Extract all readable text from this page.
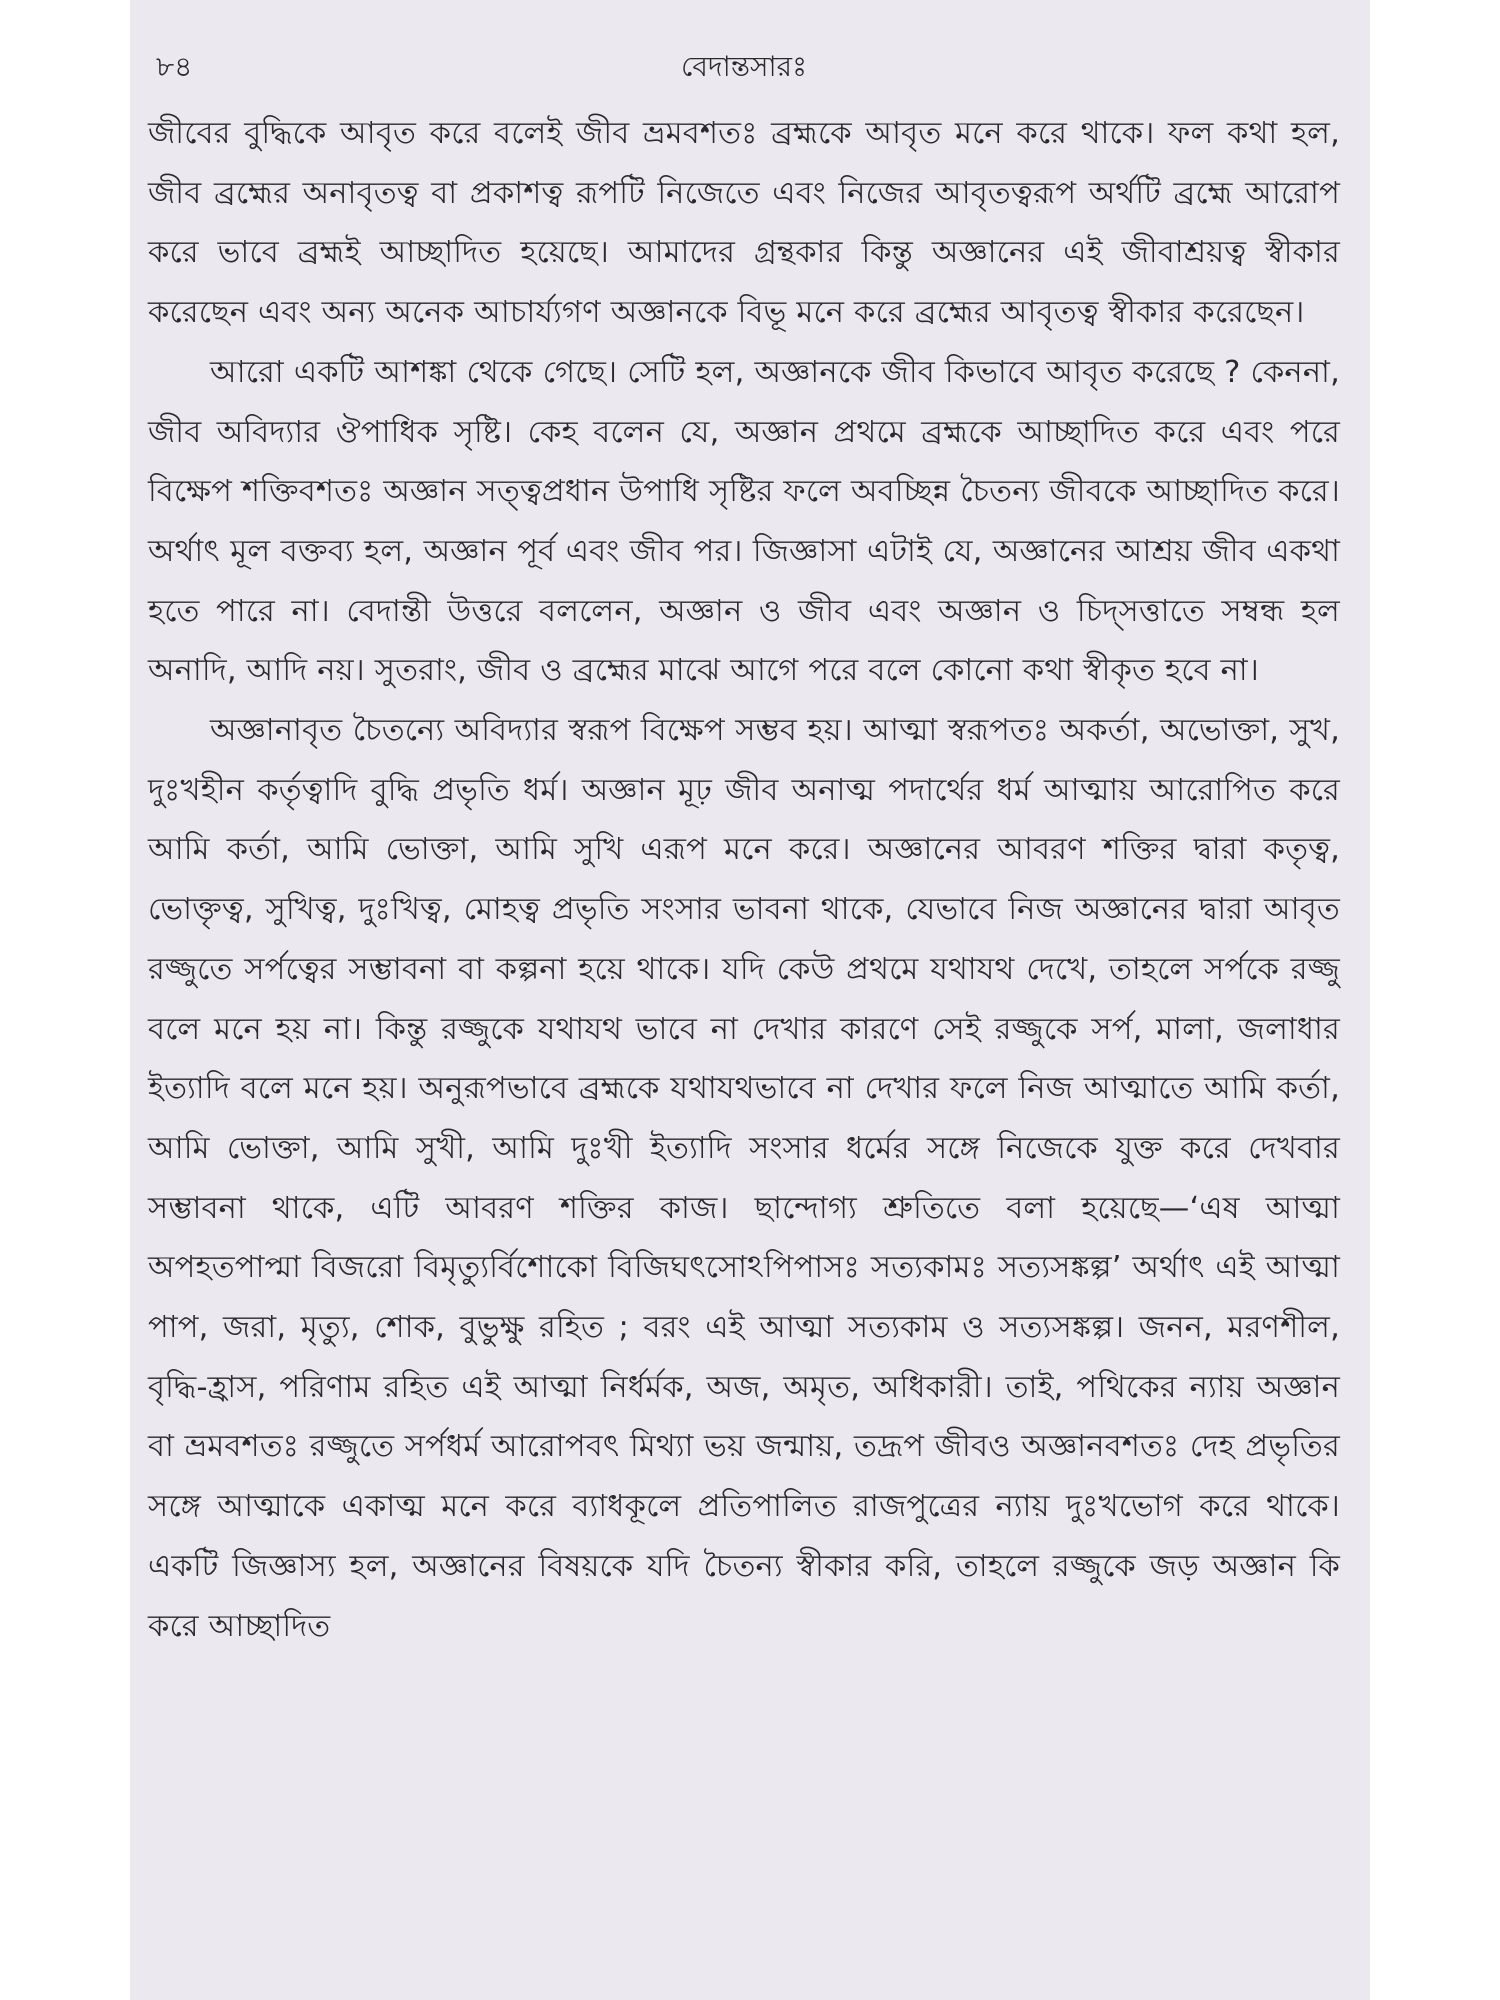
৮৪	বেদান্তসারঃ

জীবের বুদ্ধিকে আবৃত করে বলেই জীব ভ্রমবশতঃ ব্রহ্মকে আবৃত মনে করে থাকে। ফল কথা হল, জীব ব্রহ্মের অনাবৃতত্ব বা প্রকাশত্ব রূপটি নিজেতে এবং নিজের আবৃতত্বরূপ অর্থটি ব্রহ্মে আরোপ করে ভাবে ব্রহ্মই আচ্ছাদিত হয়েছে। আমাদের গ্রন্থকার কিন্তু অজ্ঞানের এই জীবাশ্রয়ত্ব স্বীকার করেছেন এবং অন্য অনেক আচার্য্যগণ অজ্ঞানকে বিভূ মনে করে ব্রহ্মের আবৃতত্ব স্বীকার করেছেন।

আরো একটি আশঙ্কা থেকে গেছে। সেটি হল, অজ্ঞানকে জীব কিভাবে আবৃত করেছে ? কেননা, জীব অবিদ্যার ঔপাধিক সৃষ্টি। কেহ বলেন যে, অজ্ঞান প্রথমে ব্রহ্মকে আচ্ছাদিত করে এবং পরে বিক্ষেপ শক্তিবশতঃ অজ্ঞান সত্ত্বপ্রধান উপাধি সৃষ্টির ফলে অবচ্ছিন্ন চৈতন্য জীবকে আচ্ছাদিত করে। অর্থাৎ মূল বক্তব্য হল, অজ্ঞান পূর্ব এবং জীব পর। জিজ্ঞাসা এটাই যে, অজ্ঞানের আশ্রয় জীব একথা হতে পারে না। বেদান্তী উত্তরে বললেন, অজ্ঞান ও জীব এবং অজ্ঞান ও চিদ্সত্তাতে সম্বন্ধ হল অনাদি, আদি নয়। সুতরাং, জীব ও ব্রহ্মের মাঝে আগে পরে বলে কোনো কথা স্বীকৃত হবে না।

অজ্ঞানাবৃত চৈতন্যে অবিদ্যার স্বরূপ বিক্ষেপ সম্ভব হয়। আত্মা স্বরূপতঃ অকর্তা, অভোক্তা, সুখ, দুঃখহীন কর্তৃত্বাদি বুদ্ধি প্রভৃতি ধর্ম। অজ্ঞান মূঢ় জীব অনাত্ম পদার্থের ধর্ম আত্মায় আরোপিত করে আমি কর্তা, আমি ভোক্তা, আমি সুখি এরূপ মনে করে। অজ্ঞানের আবরণ শক্তির দ্বারা কতৃত্ব, ভোক্তৃত্ব, সুখিত্ব, দুঃখিত্ব, মোহত্ব প্রভৃতি সংসার ভাবনা থাকে, যেভাবে নিজ অজ্ঞানের দ্বারা আবৃত রজ্জুতে সর্পত্বের সম্ভাবনা বা কল্পনা হয়ে থাকে। যদি কেউ প্রথমে যথাযথ দেখে, তাহলে সর্পকে রজ্জু বলে মনে হয় না। কিন্তু রজ্জুকে যথাযথ ভাবে না দেখার কারণে সেই রজ্জুকে সর্প, মালা, জলাধার ইত্যাদি বলে মনে হয়। অনুরূপভাবে ব্রহ্মকে যথাযথভাবে না দেখার ফলে নিজ আত্মাতে আমি কর্তা, আমি ভোক্তা, আমি সুখী, আমি দুঃখী ইত্যাদি সংসার ধর্মের সঙ্গে নিজেকে যুক্ত করে দেখবার সম্ভাবনা থাকে, এটি আবরণ শক্তির কাজ। ছান্দোগ্য শ্রুতিতে বলা হয়েছে—‘এষ আত্মা অপহতপাপ্মা বিজরো বিমৃত্যুর্বিশোকো বিজিঘৎসোঽপিপাসঃ সত্যকামঃ সত্যসঙ্কল্প’ অর্থাৎ এই আত্মা পাপ, জরা, মৃত্যু, শোক, বুভুক্ষু রহিত ; বরং এই আত্মা সত্যকাম ও সত্যসঙ্কল্প। জনন, মরণশীল, বৃদ্ধি-হ্রাস, পরিণাম রহিত এই আত্মা নির্ধর্মক, অজ, অমৃত, অধিকারী। তাই, পথিকের ন্যায় অজ্ঞান বা ভ্রমবশতঃ রজ্জুতে সর্পধর্ম আরোপবৎ মিথ্যা ভয় জন্মায়, তদ্রূপ জীবও অজ্ঞানবশতঃ দেহ প্রভৃতির সঙ্গে আত্মাকে একাত্ম মনে করে ব্যাধকূলে প্রতিপালিত রাজপুত্রের ন্যায় দুঃখভোগ করে থাকে। একটি জিজ্ঞাস্য হল, অজ্ঞানের বিষয়কে যদি চৈতন্য স্বীকার করি, তাহলে রজ্জুকে জড় অজ্ঞান কি করে আচ্ছাদিত
